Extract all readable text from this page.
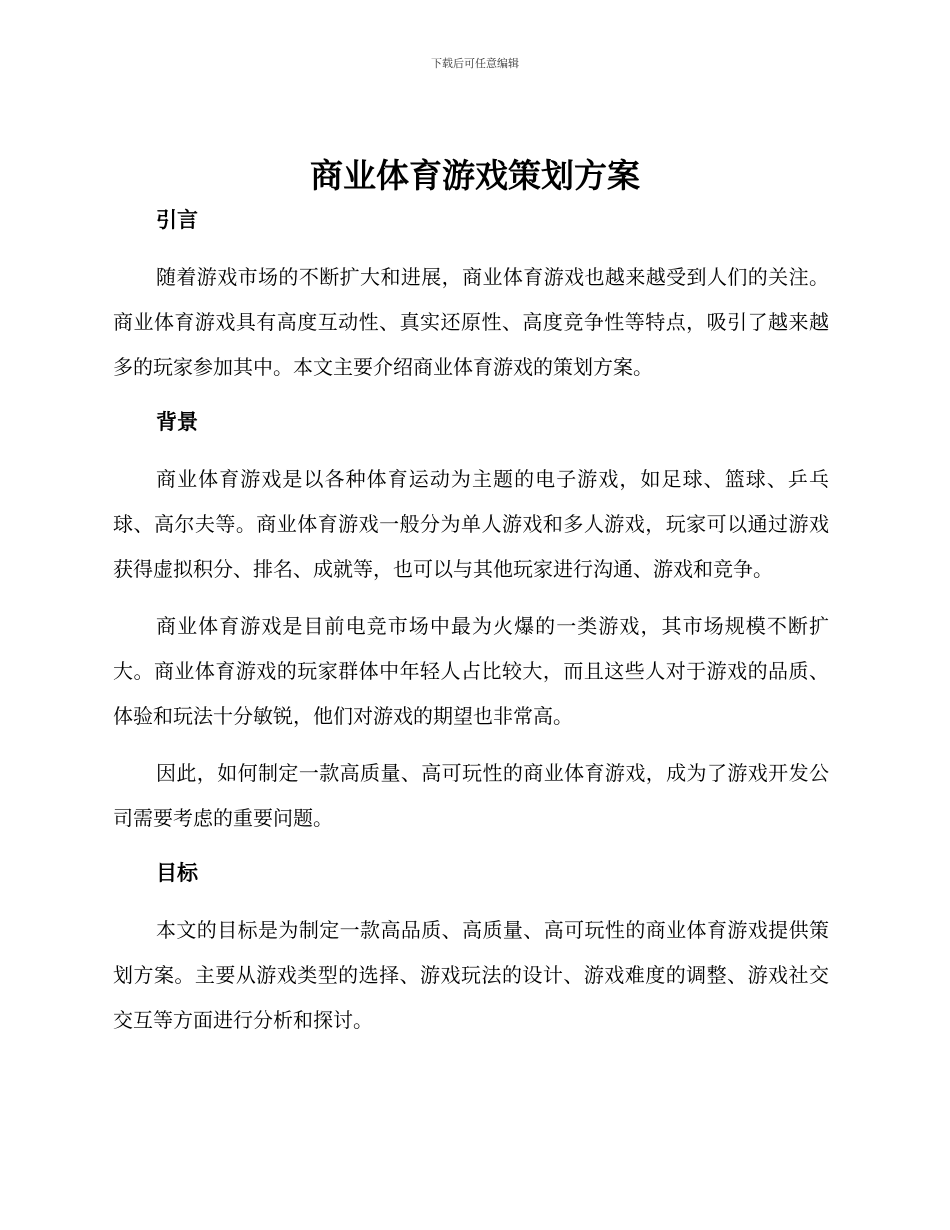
下载后可任意编辑
商业体育游戏策划方案
引言

随着游戏市场的不断扩大和进展，商业体育游戏也越来越受到人们的关注。商业体育游戏具有高度互动性、真实还原性、高度竞争性等特点，吸引了越来越多的玩家参加其中。本文主要介绍商业体育游戏的策划方案。

背景

商业体育游戏是以各种体育运动为主题的电子游戏，如足球、篮球、乒乓球、高尔夫等。商业体育游戏一般分为单人游戏和多人游戏，玩家可以通过游戏获得虚拟积分、排名、成就等，也可以与其他玩家进行沟通、游戏和竞争。

商业体育游戏是目前电竞市场中最为火爆的一类游戏，其市场规模不断扩大。商业体育游戏的玩家群体中年轻人占比较大，而且这些人对于游戏的品质、体验和玩法十分敏锐，他们对游戏的期望也非常高。

因此，如何制定一款高质量、高可玩性的商业体育游戏，成为了游戏开发公司需要考虑的重要问题。

目标

本文的目标是为制定一款高品质、高质量、高可玩性的商业体育游戏提供策划方案。主要从游戏类型的选择、游戏玩法的设计、游戏难度的调整、游戏社交交互等方面进行分析和探讨。
